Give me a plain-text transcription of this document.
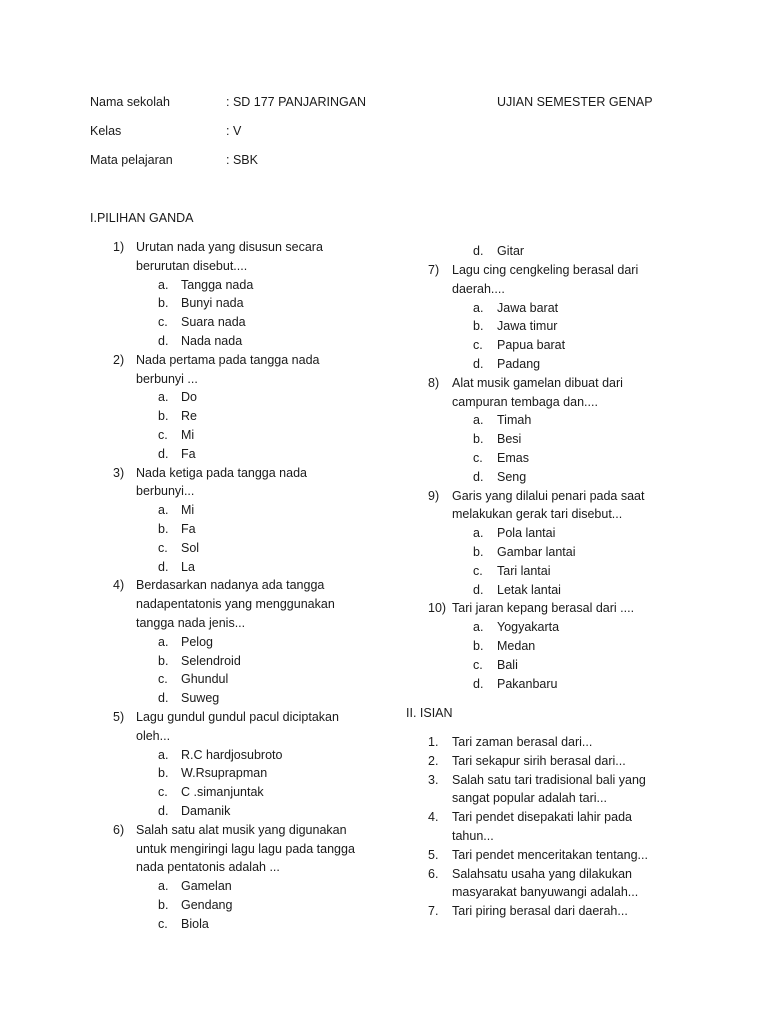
Nama sekolah	: SD 177 PANJARINGAN	UJIAN SEMESTER GENAP
Kelas	: V
Mata pelajaran	: SBK
I.PILIHAN GANDA
1) Urutan nada yang disusun secara
berurutan disebut....
a. Tangga nada
b. Bunyi nada
c. Suara nada
d. Nada nada
2) Nada pertama pada tangga nada
berbunyi ...
a. Do
b. Re
c. Mi
d. Fa
3) Nada ketiga pada tangga nada
berbunyi...
a. Mi
b. Fa
c. Sol
d. La
4) Berdasarkan nadanya ada tangga
nadapentatonis yang menggunakan
tangga nada jenis...
a. Pelog
b. Selendroid
c. Ghundul
d. Suweg
5) Lagu gundul gundul pacul diciptakan
oleh...
a. R.C hardjosubroto
b. W.Rsuprapman
c. C .simanjuntak
d. Damanik
6) Salah satu alat musik yang digunakan
untuk mengiringi lagu lagu pada tangga
nada pentatonis adalah ...
a. Gamelan
b. Gendang
c. Biola
d. Gitar
7) Lagu cing cengkeling berasal dari
daerah....
a. Jawa barat
b. Jawa timur
c. Papua barat
d. Padang
8) Alat musik gamelan dibuat dari
campuran tembaga dan....
a. Timah
b. Besi
c. Emas
d. Seng
9) Garis yang dilalui penari pada saat
melakukan gerak tari disebut...
a. Pola lantai
b. Gambar lantai
c. Tari lantai
d. Letak lantai
10) Tari jaran kepang berasal dari ....
a. Yogyakarta
b. Medan
c. Bali
d. Pakanbaru
II. ISIAN
1. Tari zaman berasal dari...
2. Tari sekapur sirih berasal dari...
3. Salah satu tari tradisional bali yang
sangat popular adalah tari...
4. Tari pendet disepakati lahir pada
tahun...
5. Tari pendet menceritakan tentang...
6. Salahsatu usaha yang dilakukan
masyarakat banyuwangi adalah...
7. Tari piring berasal dari daerah...
